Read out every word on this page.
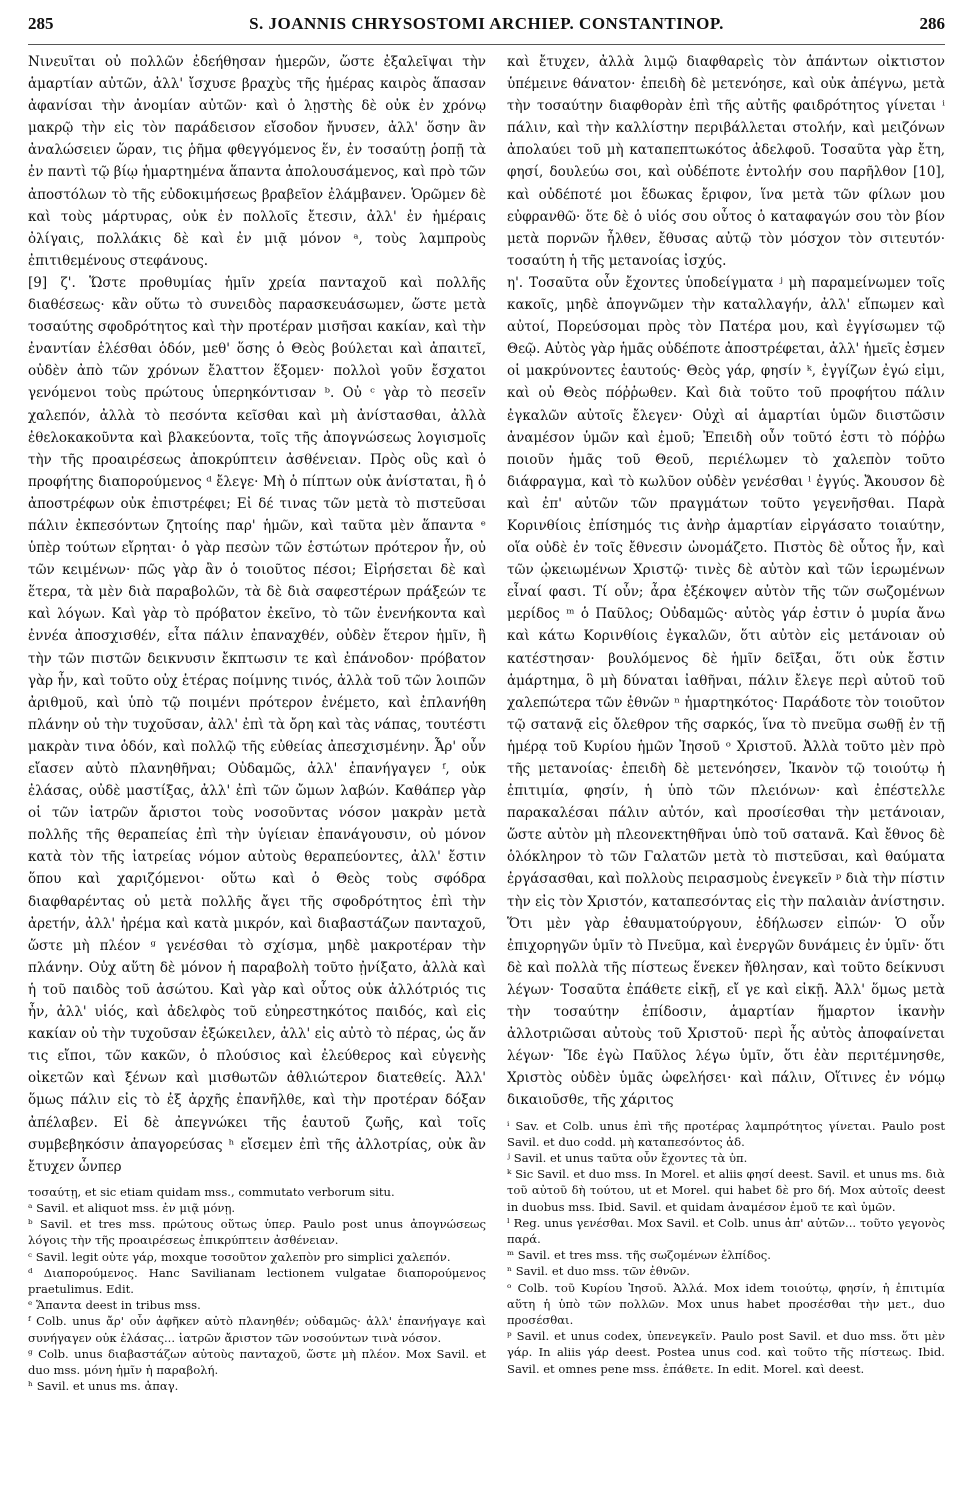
285	S. JOANNIS CHRYSOSTOMI ARCHIEP. CONSTANTINOP.	286

Νινευῖται οὐ πολλῶν ἐδεήθησαν ἡμερῶν, ὥστε ἐξαλεῖψαι τὴν ἁμαρτίαν αὐτῶν, ἀλλ' ἴσχυσε βραχὺς τῆς ἡμέρας καιρὸς ἅπασαν ἀφανίσαι τὴν ἀνομίαν αὐτῶν· καὶ ὁ λῃστὴς δὲ οὐκ ἐν χρόνῳ μακρῷ τὴν εἰς τὸν παράδεισον εἴσοδον ἤνυσεν, ἀλλ' ὅσην ἂν ἀναλώσειεν ὥραν, τις ῥῆμα φθεγγόμενος ἕν, ἐν τοσαύτῃ ῥοπῇ τὰ ἐν παντὶ τῷ βίῳ ἡμαρτημένα ἅπαντα ἀπολουσάμενος, καὶ πρὸ τῶν ἀποστόλων τὸ τῆς εὐδοκιμήσεως βραβεῖον ἐλάμβανεν. Ὁρῶμεν δὲ καὶ τοὺς μάρτυρας, οὐκ ἐν πολλοῖς ἔτεσιν, ἀλλ' ἐν ἡμέραις ὀλίγαις, πολλάκις δὲ καὶ ἐν μιᾷ μόνον ᵃ, τοὺς λαμπροὺς ἐπιτιθεμένους στεφάνους.

[9] ζ'. Ὥστε προθυμίας ἡμῖν χρεία πανταχοῦ καὶ πολλῆς διαθέσεως· κἂν οὕτω τὸ συνειδὸς παρασκευάσωμεν, ὥστε μετὰ τοσαύτης σφοδρότητος καὶ τὴν προτέραν μισῆσαι κακίαν, καὶ τὴν ἐναντίαν ἑλέσθαι ὁδόν, μεθ' ὅσης ὁ Θεὸς βούλεται καὶ ἀπαιτεῖ, οὐδὲν ἀπὸ τῶν χρόνων ἔλαττον ἕξομεν· πολλοὶ γοῦν ἔσχατοι γενόμενοι τοὺς πρώτους ὑπερηκόντισαν ᵇ. Οὐ ᶜ γὰρ τὸ πεσεῖν χαλεπόν, ἀλλὰ τὸ πεσόντα κεῖσθαι καὶ μὴ ἀνίστασθαι, ἀλλὰ ἐθελοκακοῦντα καὶ βλακεύοντα, τοῖς τῆς ἀπογνώσεως λογισμοῖς τὴν τῆς προαιρέσεως ἀποκρύπτειν ἀσθένειαν. Πρὸς οὓς καὶ ὁ προφήτης διαπορούμενος ᵈ ἔλεγε· Μὴ ὁ πίπτων οὐκ ἀνίσταται, ἢ ὁ ἀποστρέφων οὐκ ἐπιστρέφει; Εἰ δέ τινας τῶν μετὰ τὸ πιστεῦσαι πάλιν ἐκπεσόντων ζητοίης παρ' ἡμῶν, καὶ ταῦτα μὲν ἅπαντα ᵉ ὑπὲρ τούτων εἴρηται· ὁ γὰρ πεσὼν τῶν ἑστώτων πρότερον ἦν, οὐ τῶν κειμένων· πῶς γὰρ ἂν ὁ τοιοῦτος πέσοι; Εἰρήσεται δὲ καὶ ἕτερα, τὰ μὲν διὰ παραβολῶν, τὰ δὲ διὰ σαφεστέρων πράξεών τε καὶ λόγων. Καὶ γὰρ τὸ πρόβατον ἐκεῖνο, τὸ τῶν ἐνενήκοντα καὶ ἐννέα ἀποσχισθέν, εἶτα πάλιν ἐπαναχθέν, οὐδὲν ἕτερον ἡμῖν, ἢ τὴν τῶν πιστῶν δεικνυσιν ἔκπτωσιν τε καὶ ἐπάνοδον· πρόβατον γὰρ ἦν, καὶ τοῦτο οὐχ ἑτέρας ποίμνης τινός, ἀλλὰ τοῦ τῶν λοιπῶν ἀριθμοῦ, καὶ ὑπὸ τῷ ποιμένι πρότερον ἐνέμετο, καὶ ἐπλανήθη πλάνην οὐ τὴν τυχοῦσαν, ἀλλ' ἐπὶ τὰ ὄρη καὶ τὰς νάπας, τουτέστι μακρὰν τινα ὁδόν, καὶ πολλῷ τῆς εὐθείας ἀπεσχισμένην. Ἆρ' οὖν εἴασεν αὐτὸ πλανηθῆναι; Οὐδαμῶς, ἀλλ' ἐπανήγαγεν ᶠ, οὐκ ἐλάσας, οὐδὲ μαστίξας, ἀλλ' ἐπὶ τῶν ὤμων λαβών. Καθάπερ γὰρ οἱ τῶν ἰατρῶν ἄριστοι τοὺς νοσοῦντας νόσον μακρὰν μετὰ πολλῆς τῆς θεραπείας ἐπὶ τὴν ὑγίειαν ἐπανάγουσιν, οὐ μόνον κατὰ τὸν τῆς ἰατρείας νόμον αὐτοὺς θεραπεύοντες, ἀλλ' ἔστιν ὅπου καὶ χαριζόμενοι· οὕτω καὶ ὁ Θεὸς τοὺς σφόδρα διαφθαρέντας οὐ μετὰ πολλῆς ἄγει τῆς σφοδρότητος ἐπὶ τὴν ἀρετήν, ἀλλ' ἠρέμα καὶ κατὰ μικρόν, καὶ διαβαστάζων πανταχοῦ, ὥστε μὴ πλέον ᵍ γενέσθαι τὸ σχίσμα, μηδὲ μακροτέραν τὴν πλάνην. Οὐχ αὕτη δὲ μόνον ἡ παραβολὴ τοῦτο ᾐνίξατο, ἀλλὰ καὶ ἡ τοῦ παιδὸς τοῦ ἀσώτου. Καὶ γὰρ καὶ οὗτος οὐκ ἀλλότριός τις ἦν, ἀλλ' υἱός, καὶ ἀδελφὸς τοῦ εὐηρεστηκότος παιδός, καὶ εἰς κακίαν οὐ τὴν τυχοῦσαν ἐξώκειλεν, ἀλλ' εἰς αὐτὸ τὸ πέρας, ὡς ἄν τις εἴποι, τῶν κακῶν, ὁ πλούσιος καὶ ἐλεύθερος καὶ εὐγενὴς οἰκετῶν καὶ ξένων καὶ μισθωτῶν ἀθλιώτερον διατεθείς. Ἀλλ' ὅμως πάλιν εἰς τὸ ἐξ ἀρχῆς ἐπανῆλθε, καὶ τὴν προτέραν δόξαν ἀπέλαβεν. Εἰ δὲ ἀπεγνώκει τῆς ἑαυτοῦ ζωῆς, καὶ τοῖς συμβεβηκόσιν ἀπαγορεύσας ʰ εἴσεμεν ἐπὶ τῆς ἀλλοτρίας, οὐκ ἂν ἔτυχεν ὧνπερ

τοσαύτῃ, et sic etiam quidam mss., commutato verborum situ.

ᵃ Savil. et aliquot mss. ἐν μιᾷ μόνῃ.

ᵇ Savil. et tres mss. πρώτους οὕτως ὑπερ. Paulo post unus ἀπογνώσεως λόγοις τὴν τῆς προαιρέσεως ἐπικρύπτειν ἀσθένειαν.

ᶜ Savil. legit οὐτε γάρ, moxque τοσοῦτον χαλεπὸν pro simplici χαλεπόν.

ᵈ Διαπορούμενος. Hanc Savilianam lectionem vulgatae διαπορούμενος praetulimus. Edit.

ᵉ Ἅπαντα deest in tribus mss.

ᶠ Colb. unus ἄρ' οὖν ἀφῆκεν αὐτὸ πλανηθέν; οὐδαμῶς· ἀλλ' ἐπανήγαγε καὶ συνήγαγεν οὐκ ἐλάσας... ἰατρῶν ἄριστον τῶν νοσούντων τινὰ νόσον.

ᵍ Colb. unus διαβαστάζων αὐτοὺς πανταχοῦ, ὥστε μὴ πλέον. Mox Savil. et duo mss. μόνη ἡμῖν ἡ παραβολή.

ʰ Savil. et unus ms. ἀπαγ.

καὶ ἔτυχεν, ἀλλὰ λιμῷ διαφθαρεὶς τὸν ἁπάντων οἰκτιστον ὑπέμεινε θάνατον· ἐπειδὴ δὲ μετενόησε, καὶ οὐκ ἀπέγνω, μετὰ τὴν τοσαύτην διαφθορὰν ἐπὶ τῆς αὐτῆς φαιδρότητος γίνεται ⁱ πάλιν, καὶ τὴν καλλίστην περιβάλλεται στολήν, καὶ μειζόνων ἀπολαύει τοῦ μὴ καταπεπτωκότος ἀδελφοῦ. Τοσαῦτα γὰρ ἔτη, φησί, δουλεύω σοι, καὶ οὐδέποτε ἐντολήν σου παρῆλθον [10], καὶ οὐδέποτέ μοι ἔδωκας ἔριφον, ἵνα μετὰ τῶν φίλων μου εὐφρανθῶ· ὅτε δὲ ὁ υἱός σου οὗτος ὁ καταφαγών σου τὸν βίον μετὰ πορνῶν ἦλθεν, ἔθυσας αὐτῷ τὸν μόσχον τὸν σιτευτόν· τοσαύτη ἡ τῆς μετανοίας ἰσχύς.

η'. Τοσαῦτα οὖν ἔχοντες ὑποδείγματα ʲ μὴ παραμείνωμεν τοῖς κακοῖς, μηδὲ ἀπογνῶμεν τὴν καταλλαγήν, ἀλλ' εἴπωμεν καὶ αὐτοί, Πορεύσομαι πρὸς τὸν Πατέρα μου, καὶ ἐγγίσωμεν τῷ Θεῷ. Αὐτὸς γὰρ ἡμᾶς οὐδέποτε ἀποστρέφεται, ἀλλ' ἡμεῖς ἐσμεν οἱ μακρύνοντες ἑαυτούς· Θεὸς γάρ, φησίν ᵏ, ἐγγίζων ἐγώ εἰμι, καὶ οὐ Θεὸς πόῤῥωθεν. Καὶ διὰ τοῦτο τοῦ προφήτου πάλιν ἐγκαλῶν αὐτοῖς ἔλεγεν· Οὐχὶ αἱ ἁμαρτίαι ὑμῶν διιστῶσιν ἀναμέσον ὑμῶν καὶ ἐμοῦ; Ἐπειδὴ οὖν τοῦτό ἐστι τὸ πόῤῥω ποιοῦν ἡμᾶς τοῦ Θεοῦ, περιέλωμεν τὸ χαλεπὸν τοῦτο διάφραγμα, καὶ τὸ κωλῦον οὐδὲν γενέσθαι ˡ ἐγγύς. Ἄκουσον δὲ καὶ ἐπ' αὐτῶν τῶν πραγμάτων τοῦτο γεγενῆσθαι. Παρὰ Κορινθίοις ἐπίσημός τις ἀνὴρ ἁμαρτίαν εἰργάσατο τοιαύτην, οἵα οὐδὲ ἐν τοῖς ἔθνεσιν ὠνομάζετο. Πιστὸς δὲ οὗτος ἦν, καὶ τῶν ᾠκειωμένων Χριστῷ· τινὲς δὲ αὐτὸν καὶ τῶν ἱερωμένων εἶναί φασι. Τί οὖν; ἆρα ἐξέκοψεν αὐτὸν τῆς τῶν σωζομένων μερίδος ᵐ ὁ Παῦλος; Οὐδαμῶς· αὐτὸς γάρ ἐστιν ὁ μυρία ἄνω καὶ κάτω Κορινθίοις ἐγκαλῶν, ὅτι αὐτὸν εἰς μετάνοιαν οὐ κατέστησαν· βουλόμενος δὲ ἡμῖν δεῖξαι, ὅτι οὐκ ἔστιν ἁμάρτημα, ὃ μὴ δύναται ἰαθῆναι, πάλιν ἔλεγε περὶ αὐτοῦ τοῦ χαλεπώτερα τῶν ἐθνῶν ⁿ ἡμαρτηκότος· Παράδοτε τὸν τοιοῦτον τῷ σατανᾷ εἰς ὄλεθρον τῆς σαρκός, ἵνα τὸ πνεῦμα σωθῇ ἐν τῇ ἡμέρᾳ τοῦ Κυρίου ἡμῶν Ἰησοῦ ᵒ Χριστοῦ. Ἀλλὰ τοῦτο μὲν πρὸ τῆς μετανοίας· ἐπειδὴ δὲ μετενόησεν, Ἱκανὸν τῷ τοιούτῳ ἡ ἐπιτιμία, φησίν, ἡ ὑπὸ τῶν πλειόνων· καὶ ἐπέστελλε παρακαλέσαι πάλιν αὐτόν, καὶ προσίεσθαι τὴν μετάνοιαν, ὥστε αὐτὸν μὴ πλεονεκτηθῆναι ὑπὸ τοῦ σατανᾶ. Καὶ ἔθνος δὲ ὁλόκληρον τὸ τῶν Γαλατῶν μετὰ τὸ πιστεῦσαι, καὶ θαύματα ἐργάσασθαι, καὶ πολλοὺς πειρασμοὺς ἐνεγκεῖν ᵖ διὰ τὴν πίστιν τὴν εἰς τὸν Χριστόν, καταπεσόντας εἰς τὴν παλαιὰν ἀνίστησιν. Ὅτι μὲν γὰρ ἐθαυματούργουν, ἐδήλωσεν εἰπών· Ὁ οὖν ἐπιχορηγῶν ὑμῖν τὸ Πνεῦμα, καὶ ἐνεργῶν δυνάμεις ἐν ὑμῖν· ὅτι δὲ καὶ πολλὰ τῆς πίστεως ἕνεκεν ἤθλησαν, καὶ τοῦτο δείκνυσι λέγων· Τοσαῦτα ἐπάθετε εἰκῇ, εἴ γε καὶ εἰκῇ. Ἀλλ' ὅμως μετὰ τὴν τοσαύτην ἐπίδοσιν, ἁμαρτίαν ἥμαρτον ἱκανὴν ἀλλοτριῶσαι αὐτοὺς τοῦ Χριστοῦ· περὶ ἧς αὐτὸς ἀποφαίνεται λέγων· Ἴδε ἐγὼ Παῦλος λέγω ὑμῖν, ὅτι ἐὰν περιτέμνησθε, Χριστὸς οὐδὲν ὑμᾶς ὠφελήσει· καὶ πάλιν, Οἵτινες ἐν νόμῳ δικαιοῦσθε, τῆς χάριτος

ⁱ Sav. et Colb. unus ἐπὶ τῆς προτέρας λαμπρότητος γίνεται. Paulo post Savil. et duo codd. μὴ καταπεσόντος ἀδ.

ʲ Savil. et unus ταῦτα οὖν ἔχοντες τὰ ὑπ.

ᵏ Sic Savil. et duo mss. In Morel. et aliis φησί deest. Savil. et unus ms. διὰ τοῦ αὐτοῦ δὴ τούτου, ut et Morel. qui habet δὲ pro δή. Mox αὐτοῖς deest in duobus mss. Ibid. Savil. et quidam ἀναμέσον ἐμοῦ τε καὶ ὑμῶν.

ˡ Reg. unus γενέσθαι. Mox Savil. et Colb. unus ἀπ' αὐτῶν... τοῦτο γεγονὸς παρά.

ᵐ Savil. et tres mss. τῆς σωζομένων ἐλπίδος.

ⁿ Savil. et duo mss. τῶν ἐθνῶν.

ᵒ Colb. τοῦ Κυρίου Ἰησοῦ. Ἀλλά. Mox idem τοιούτῳ, φησίν, ἡ ἐπιτιμία αὕτη ἡ ὑπὸ τῶν πολλῶν. Mox unus habet προσέσθαι τὴν μετ., duo προσέσθαι.

ᵖ Savil. et unus codex, ὑπενεγκεῖν. Paulo post Savil. et duo mss. ὅτι μὲν γάρ. In aliis γάρ deest. Postea unus cod. καὶ τοῦτο τῆς πίστεως. Ibid. Savil. et omnes pene mss. ἐπάθετε. In edit. Morel. καὶ deest.
